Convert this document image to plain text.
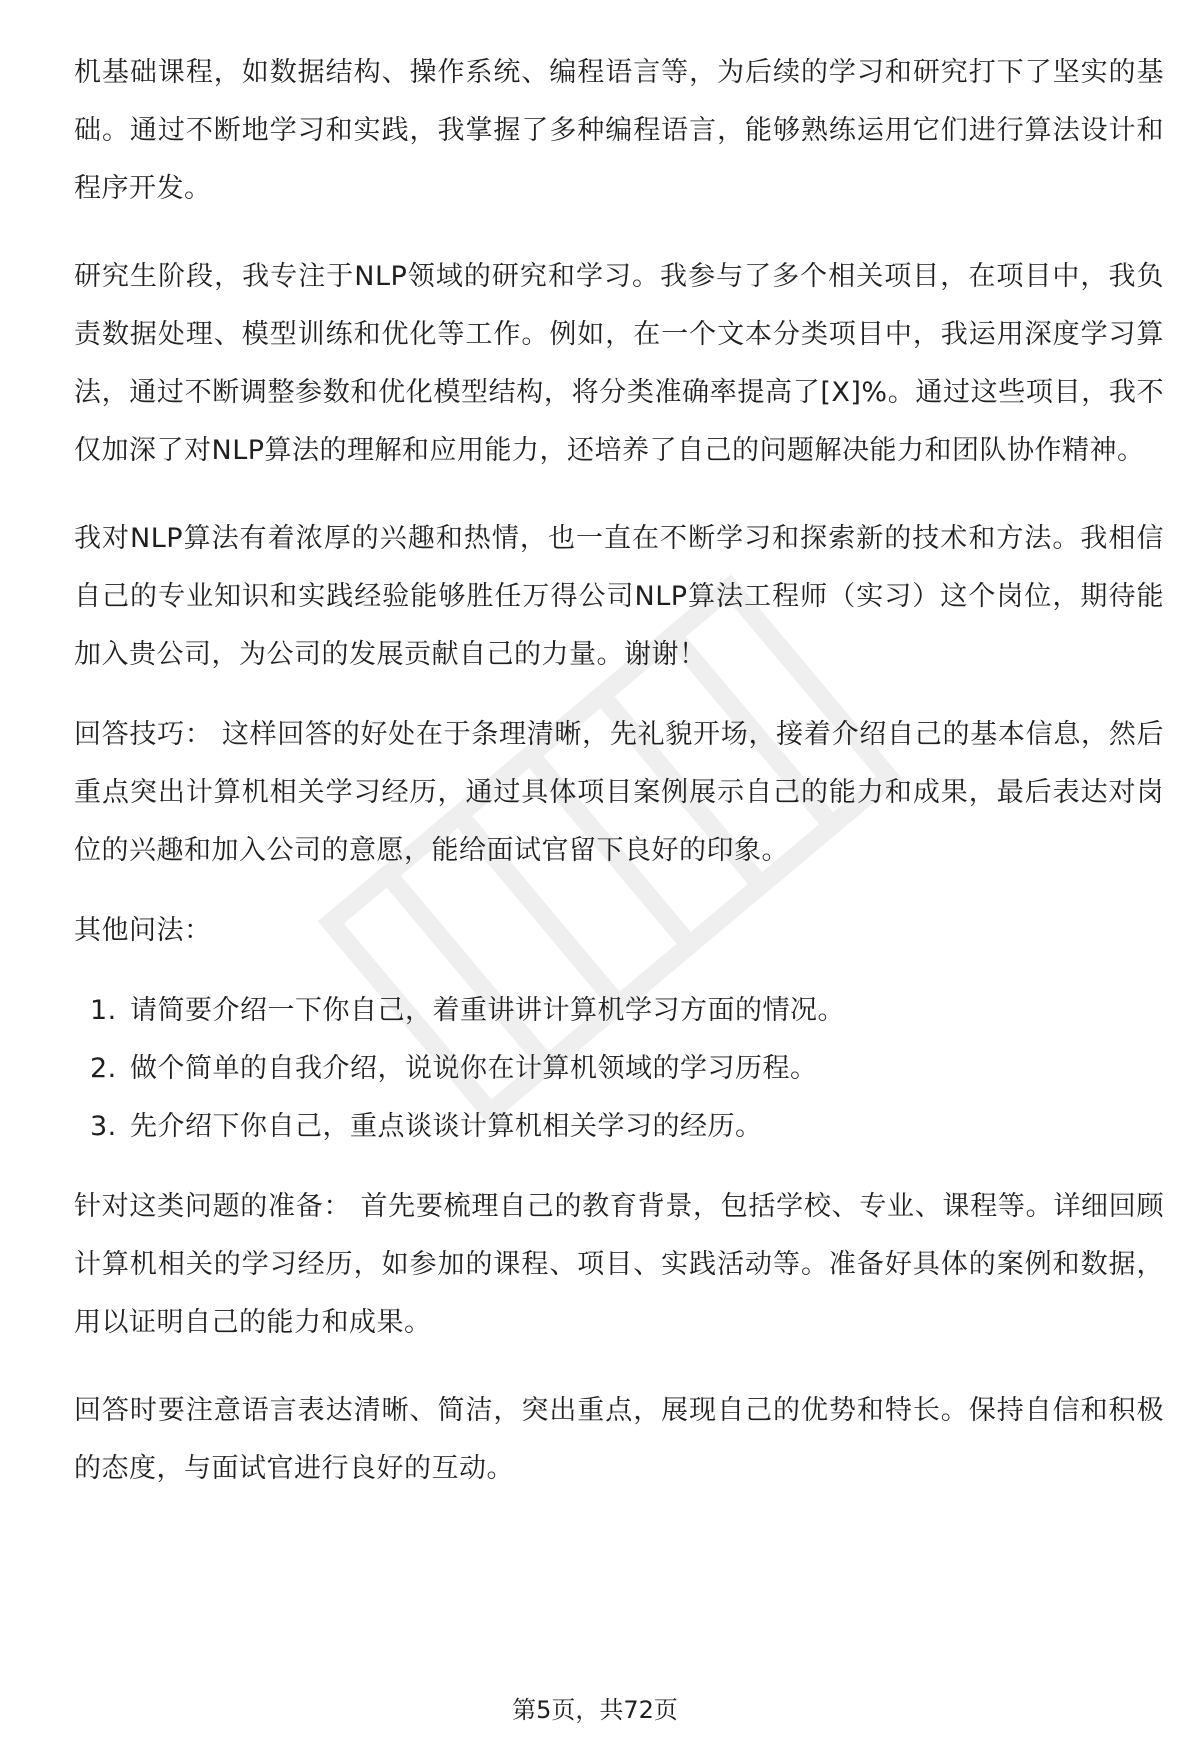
机基础课程，如数据结构、操作系统、编程语言等，为后续的学习和研究打下了坚实的基础。通过不断地学习和实践，我掌握了多种编程语言，能够熟练运用它们进行算法设计和程序开发。

研究生阶段，我专注于NLP领域的研究和学习。我参与了多个相关项目，在项目中，我负责数据处理、模型训练和优化等工作。例如，在一个文本分类项目中，我运用深度学习算法，通过不断调整参数和优化模型结构，将分类准确率提高了[X]%。通过这些项目，我不仅加深了对NLP算法的理解和应用能力，还培养了自己的问题解决能力和团队协作精神。

我对NLP算法有着浓厚的兴趣和热情，也一直在不断学习和探索新的技术和方法。我相信自己的专业知识和实践经验能够胜任万得公司NLP算法工程师（实习）这个岗位，期待能加入贵公司，为公司的发展贡献自己的力量。谢谢！

回答技巧： 这样回答的好处在于条理清晰，先礼貌开场，接着介绍自己的基本信息，然后重点突出计算机相关学习经历，通过具体项目案例展示自己的能力和成果，最后表达对岗位的兴趣和加入公司的意愿，能给面试官留下良好的印象。

其他问法：

1. 请简要介绍一下你自己，着重讲讲计算机学习方面的情况。
2. 做个简单的自我介绍，说说你在计算机领域的学习历程。
3. 先介绍下你自己，重点谈谈计算机相关学习的经历。

针对这类问题的准备： 首先要梳理自己的教育背景，包括学校、专业、课程等。详细回顾计算机相关的学习经历，如参加的课程、项目、实践活动等。准备好具体的案例和数据，用以证明自己的能力和成果。

回答时要注意语言表达清晰、简洁，突出重点，展现自己的优势和特长。保持自信和积极的态度，与面试官进行良好的互动。

第5页，共72页
